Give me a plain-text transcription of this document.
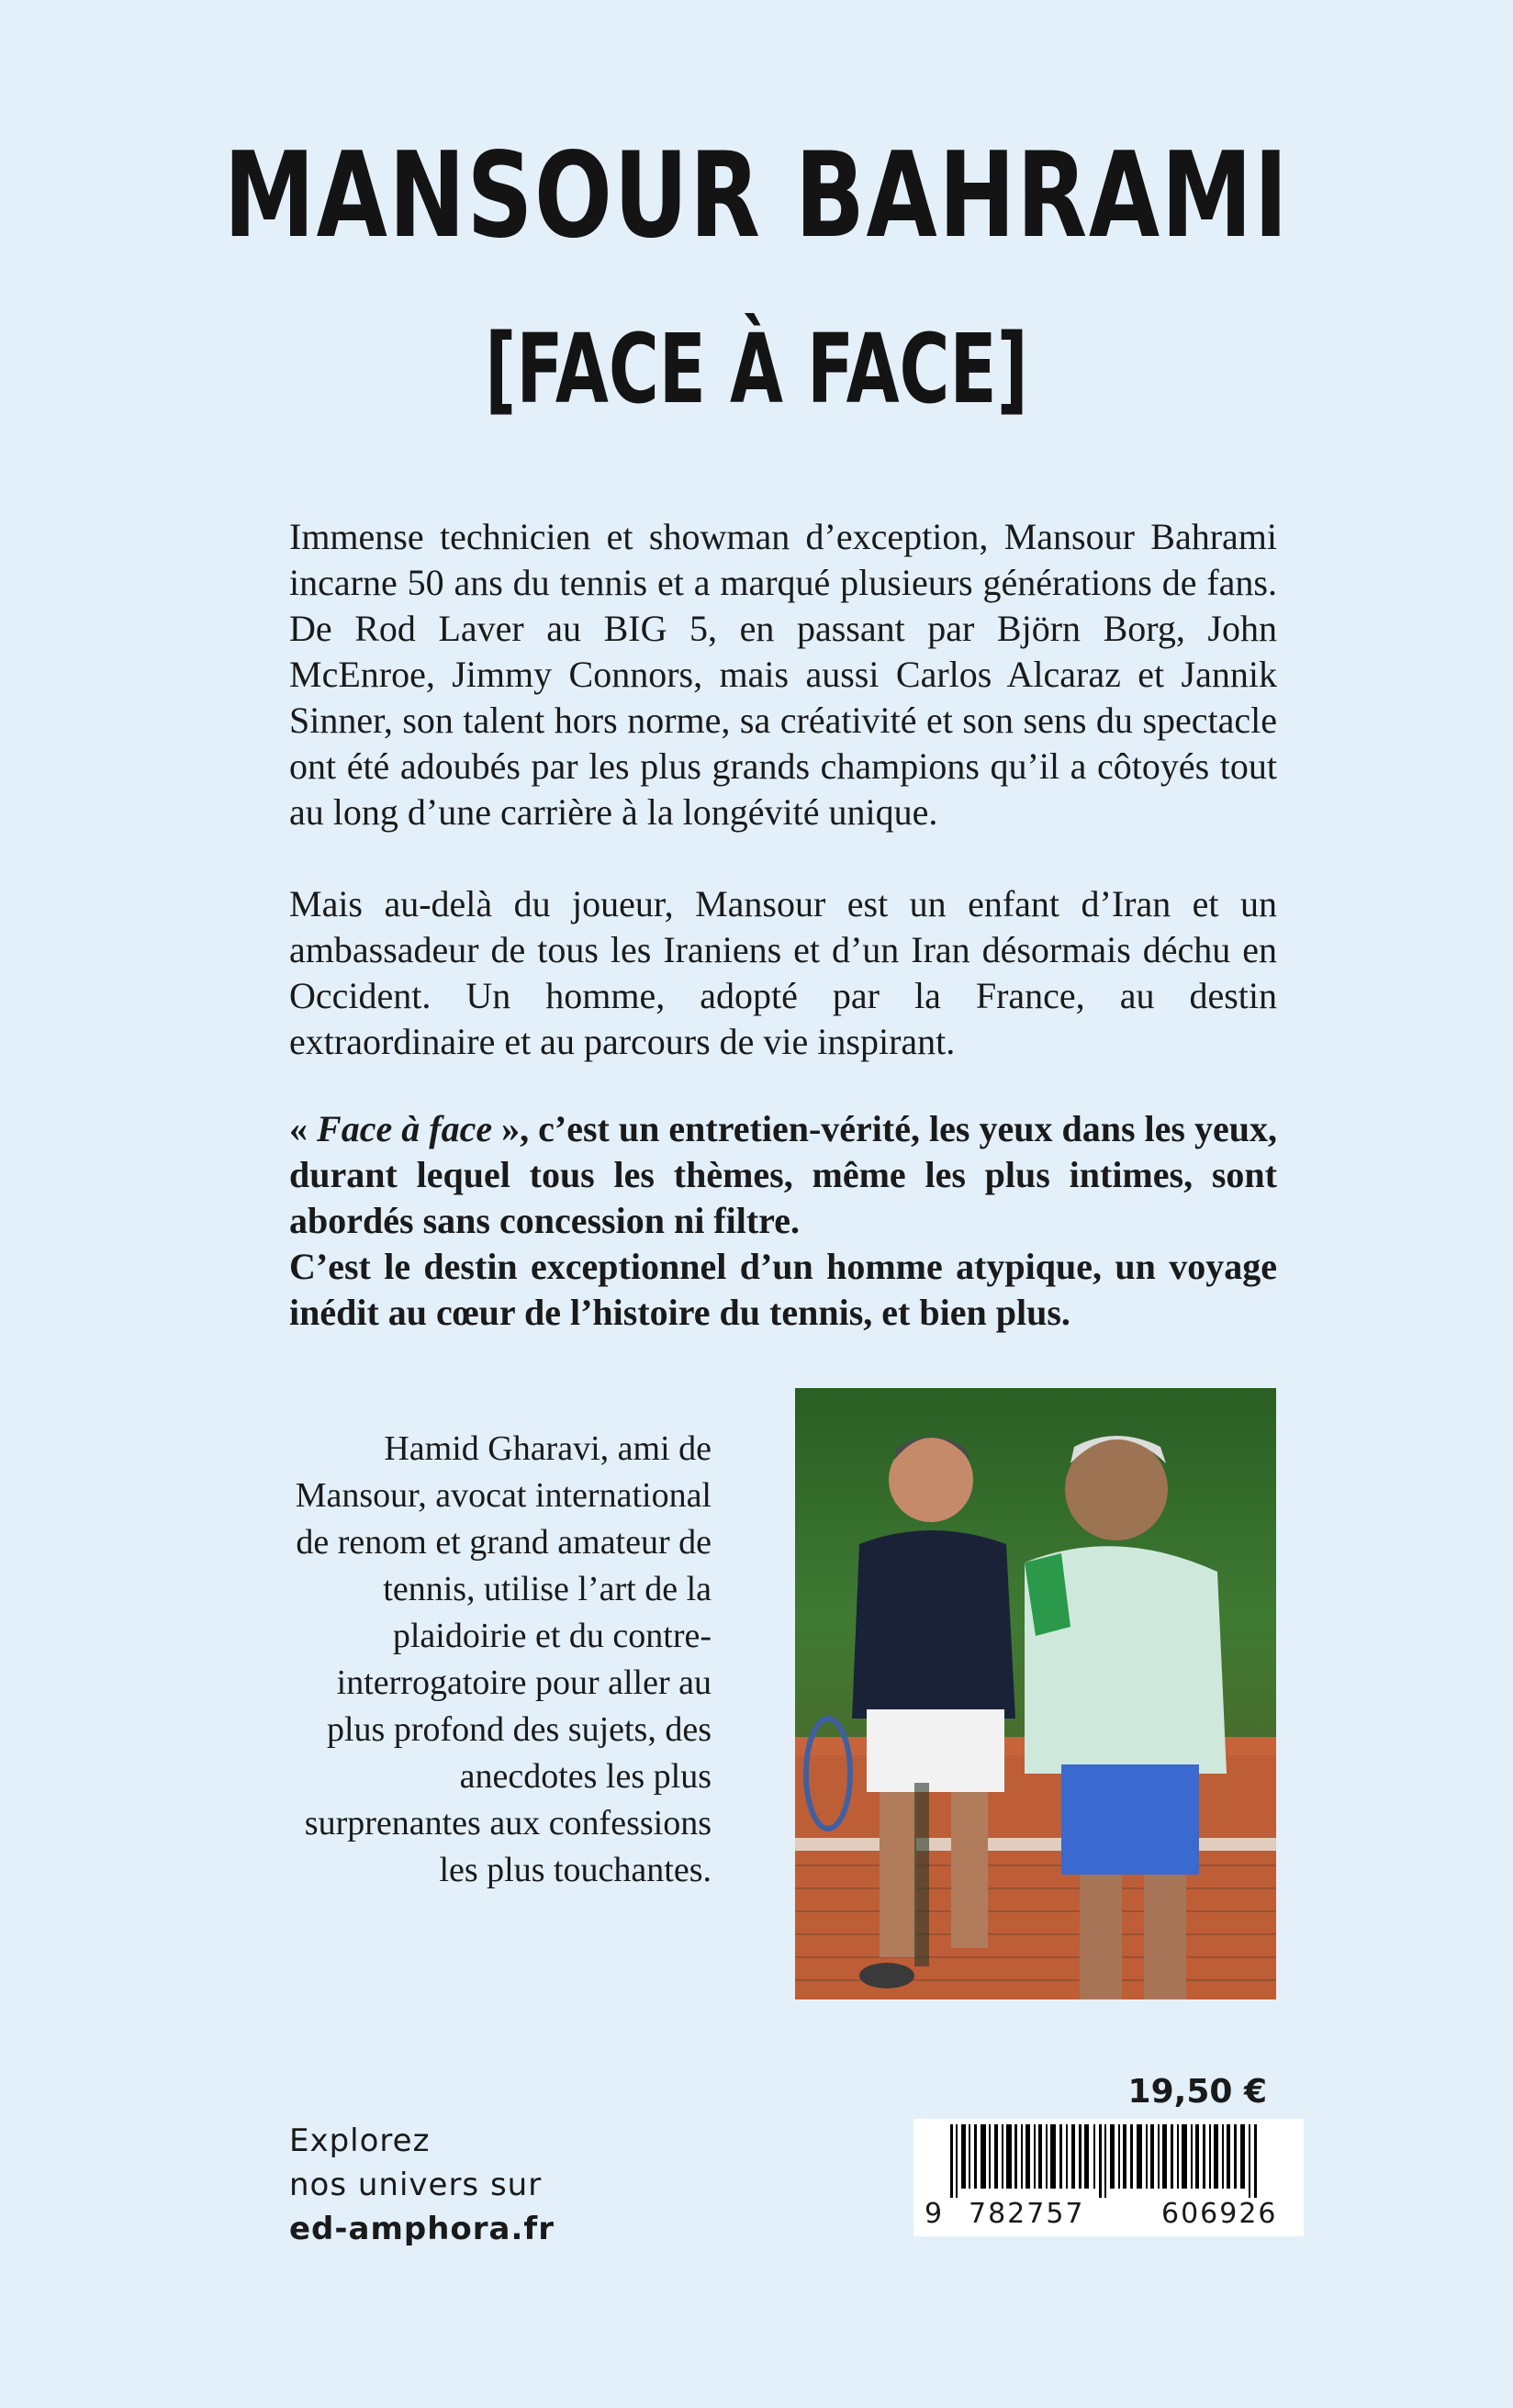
MANSOUR BAHRAMI
[FACE À FACE]
Immense technicien et showman d’exception, Mansour Bahrami incarne 50 ans du tennis et a marqué plusieurs générations de fans. De Rod Laver au BIG 5, en passant par Björn Borg, John McEnroe, Jimmy Connors, mais aussi Carlos Alcaraz et Jannik Sinner, son talent hors norme, sa créativité et son sens du spectacle ont été adoubés par les plus grands champions qu’il a côtoyés tout au long d’une carrière à la longévité unique.
Mais au-delà du joueur, Mansour est un enfant d’Iran et un ambassadeur de tous les Iraniens et d’un Iran désormais déchu en Occident. Un homme, adopté par la France, au destin extraordinaire et au parcours de vie inspirant.
« Face à face », c’est un entretien-vérité, les yeux dans les yeux, durant lequel tous les thèmes, même les plus intimes, sont abordés sans concession ni filtre.
C’est le destin exceptionnel d’un homme atypique, un voyage inédit au cœur de l’histoire du tennis, et bien plus.
Hamid Gharavi, ami de Mansour, avocat international de renom et grand amateur de tennis, utilise l’art de la plaidoirie et du contre-interrogatoire pour aller au plus profond des sujets, des anecdotes les plus surprenantes aux confessions les plus touchantes.
Explorez
nos univers sur
ed-amphora.fr
19,50 €
9 782757	606926
